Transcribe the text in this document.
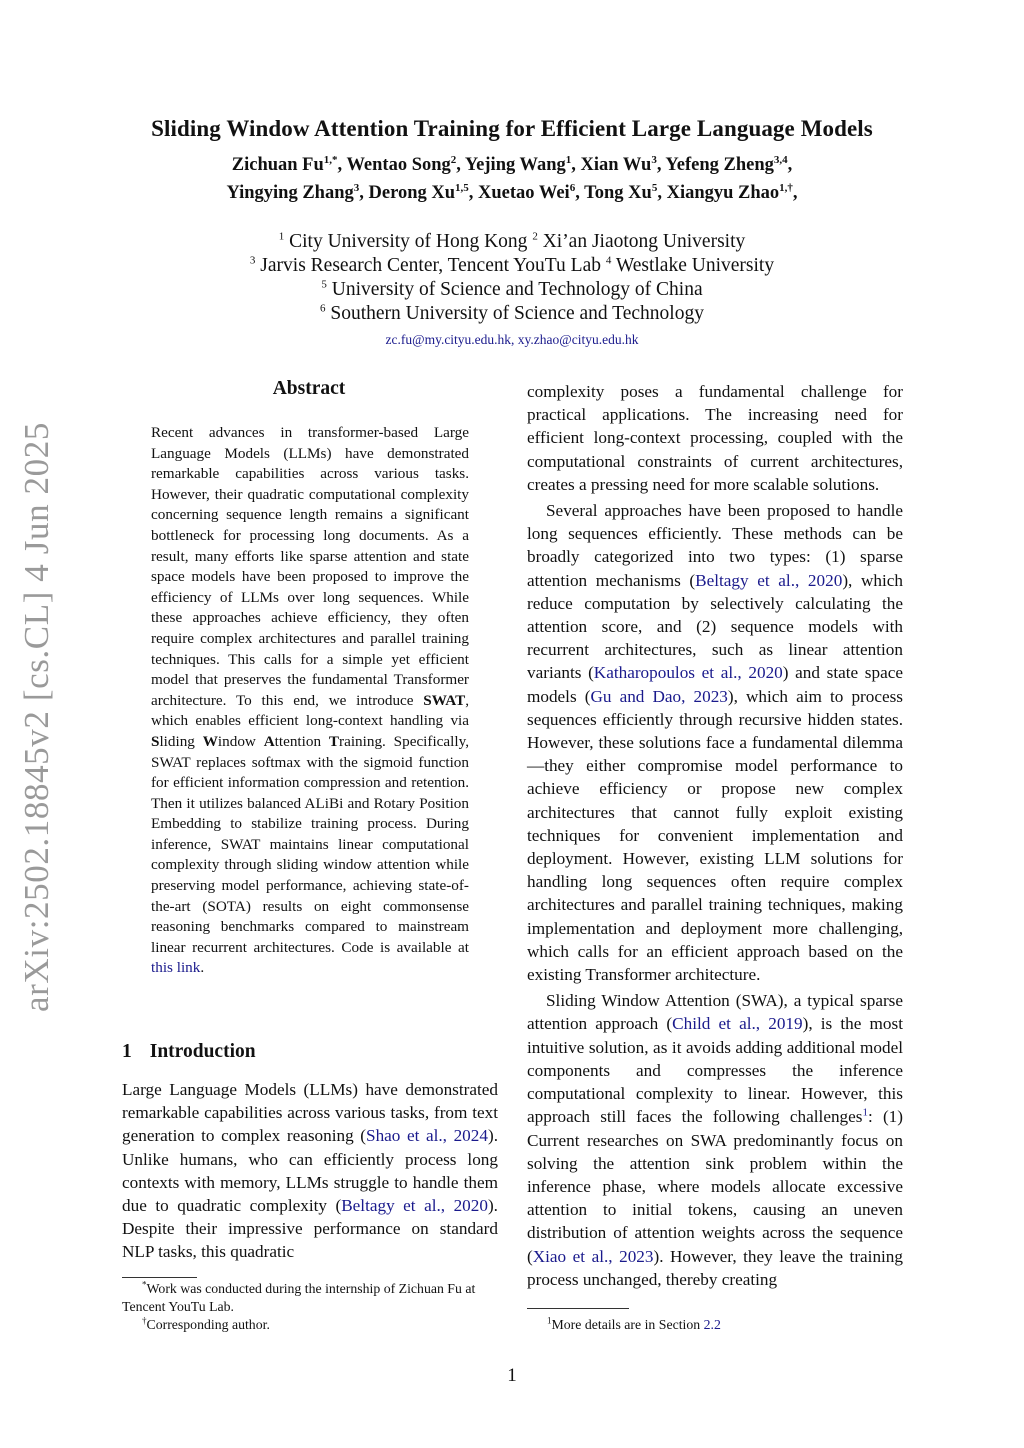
arXiv:2502.18845v2 [cs.CL] 4 Jun 2025
Sliding Window Attention Training for Efficient Large Language Models
Zichuan $Fu^{1,*}$, Wentao Song$^2$, Yejing Wang$^1$, Xian Wu$^3$, Yefeng Zheng$^{3,4}$,
Yingying Zhang$^3$, Derong Xu$^{1,5}$, Xuetao Wei$^6$, Tong Xu$^5$, Xiangyu Zhao$^{1,\dagger}$,
$^1$ City University of Hong Kong $^2$ Xi’an Jiaotong University
$^3$ Jarvis Research Center, Tencent YouTu Lab $^4$ Westlake University
$^5$ University of Science and Technology of China
$^6$ Southern University of Science and Technology
zc.fu@my.cityu.edu.hk, xy.zhao@cityu.edu.hk
Abstract
Recent advances in transformer-based Large Language Models (LLMs) have demonstrated remarkable capabilities across various tasks. However, their quadratic computational complexity concerning sequence length remains a significant bottleneck for processing long documents. As a result, many efforts like sparse attention and state space models have been proposed to improve the efficiency of LLMs over long sequences. While these approaches achieve efficiency, they often require complex architectures and parallel training techniques. This calls for a simple yet efficient model that preserves the fundamental Transformer architecture. To this end, we introduce SWAT, which enables efficient long-context handling via Sliding Window Attention Training. Specifically, SWAT replaces softmax with the sigmoid function for efficient information compression and retention. Then it utilizes balanced ALiBi and Rotary Position Embedding to stabilize training process. During inference, SWAT maintains linear computational complexity through sliding window attention while preserving model performance, achieving state-of-the-art (SOTA) results on eight commonsense reasoning benchmarks compared to mainstream linear recurrent architectures. Code is available at this link.
1 Introduction
Large Language Models (LLMs) have demonstrated remarkable capabilities across various tasks, from text generation to complex reasoning (Shao et al., 2024). Unlike humans, who can efficiently process long contexts with memory, LLMs struggle to handle them due to quadratic complexity (Beltagy et al., 2020). Despite their impressive performance on standard NLP tasks, this quadratic

complexity poses a fundamental challenge for practical applications. The increasing need for efficient long-context processing, coupled with the computational constraints of current architectures, creates a pressing need for more scalable solutions.

Several approaches have been proposed to handle long sequences efficiently. These methods can be broadly categorized into two types: (1) sparse attention mechanisms (Beltagy et al., 2020), which reduce computation by selectively calculating the attention score, and (2) sequence models with recurrent architectures, such as linear attention variants (Katharopoulos et al., 2020) and state space models (Gu and Dao, 2023), which aim to process sequences efficiently through recursive hidden states. However, these solutions face a fundamental dilemma—they either compromise model performance to achieve efficiency or propose new complex architectures that cannot fully exploit existing techniques for convenient implementation and deployment. However, existing LLM solutions for handling long sequences often require complex architectures and parallel training techniques, making implementation and deployment more challenging, which calls for an efficient approach based on the existing Transformer architecture.

Sliding Window Attention (SWA), a typical sparse attention approach (Child et al., 2019), is the most intuitive solution, as it avoids adding additional model components and compresses the inference computational complexity to linear. However, this approach still faces the following challenges$^1$: (1) Current researches on SWA predominantly focus on solving the attention sink problem within the inference phase, where models allocate excessive attention to initial tokens, causing an uneven distribution of attention weights across the sequence (Xiao et al., 2023). However, they leave the training process unchanged, thereby creating

*Work was conducted during the internship of Zichuan Fu at Tencent YouTu Lab.
†Corresponding author.	$^1$More details are in Section 2.2
1
